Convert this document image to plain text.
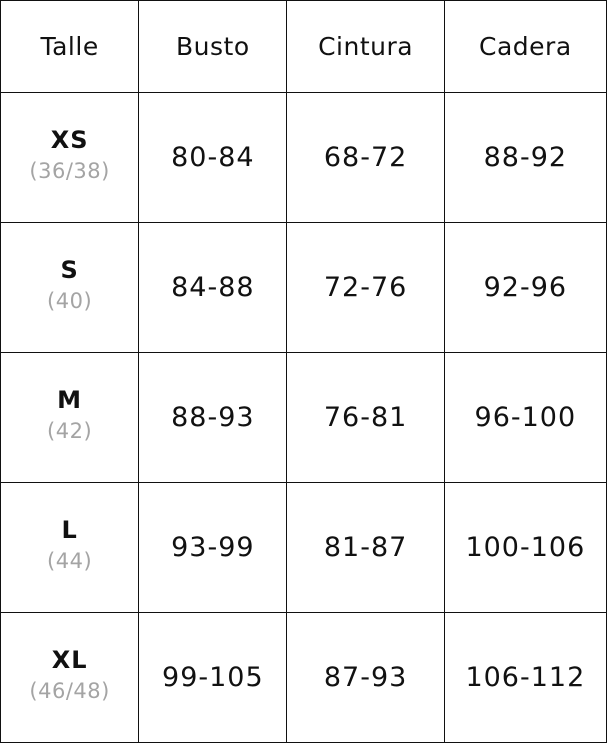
Talle	Busto	Cintura	Cadera

XS
(36/38)	80-84	68-72	88-92

S
(40)	84-88	72-76	92-96

M
(42)	88-93	76-81	96-100

L
(44)	93-99	81-87	100-106

XL
(46/48)	99-105	87-93	106-112
